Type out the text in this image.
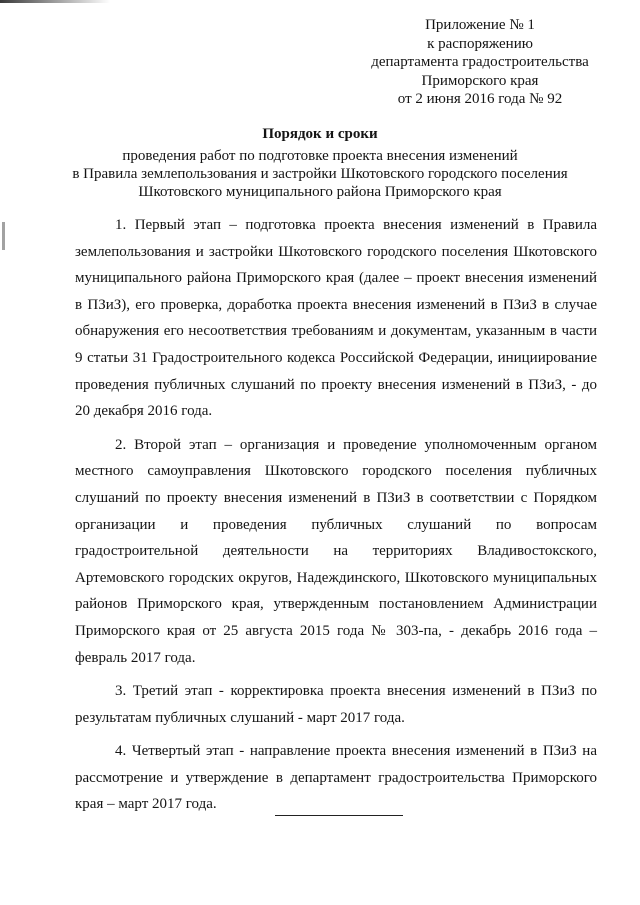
Приложение № 1
к распоряжению
департамента градостроительства
Приморского края
от 2 июня 2016 года № 92
Порядок и сроки
проведения работ по подготовке проекта внесения изменений
в Правила землепользования и застройки Шкотовского городского поселения
Шкотовского муниципального района Приморского края

1. Первый этап – подготовка проекта внесения изменений в Правила землепользования и застройки Шкотовского городского поселения Шкотовского муниципального района Приморского края (далее – проект внесения изменений в ПЗиЗ), его проверка, доработка проекта внесения изменений в ПЗиЗ в случае обнаружения его несоответствия требованиям и документам, указанным в части 9 статьи 31 Градостроительного кодекса Российской Федерации, инициирование проведения публичных слушаний по проекту внесения изменений в ПЗиЗ, - до 20 декабря 2016 года.

2. Второй этап – организация и проведение уполномоченным органом местного самоуправления Шкотовского городского поселения публичных слушаний по проекту внесения изменений в ПЗиЗ в соответствии с Порядком организации и проведения публичных слушаний по вопросам градостроительной деятельности на территориях Владивостокского, Артемовского городских округов, Надеждинского, Шкотовского муниципальных районов Приморского края, утвержденным постановлением Администрации Приморского края от 25 августа 2015 года № 303-па, - декабрь 2016 года – февраль 2017 года.

3. Третий этап - корректировка проекта внесения изменений в ПЗиЗ по результатам публичных слушаний - март 2017 года.

4. Четвертый этап - направление проекта внесения изменений в ПЗиЗ на рассмотрение и утверждение в департамент градостроительства Приморского края – март 2017 года.
